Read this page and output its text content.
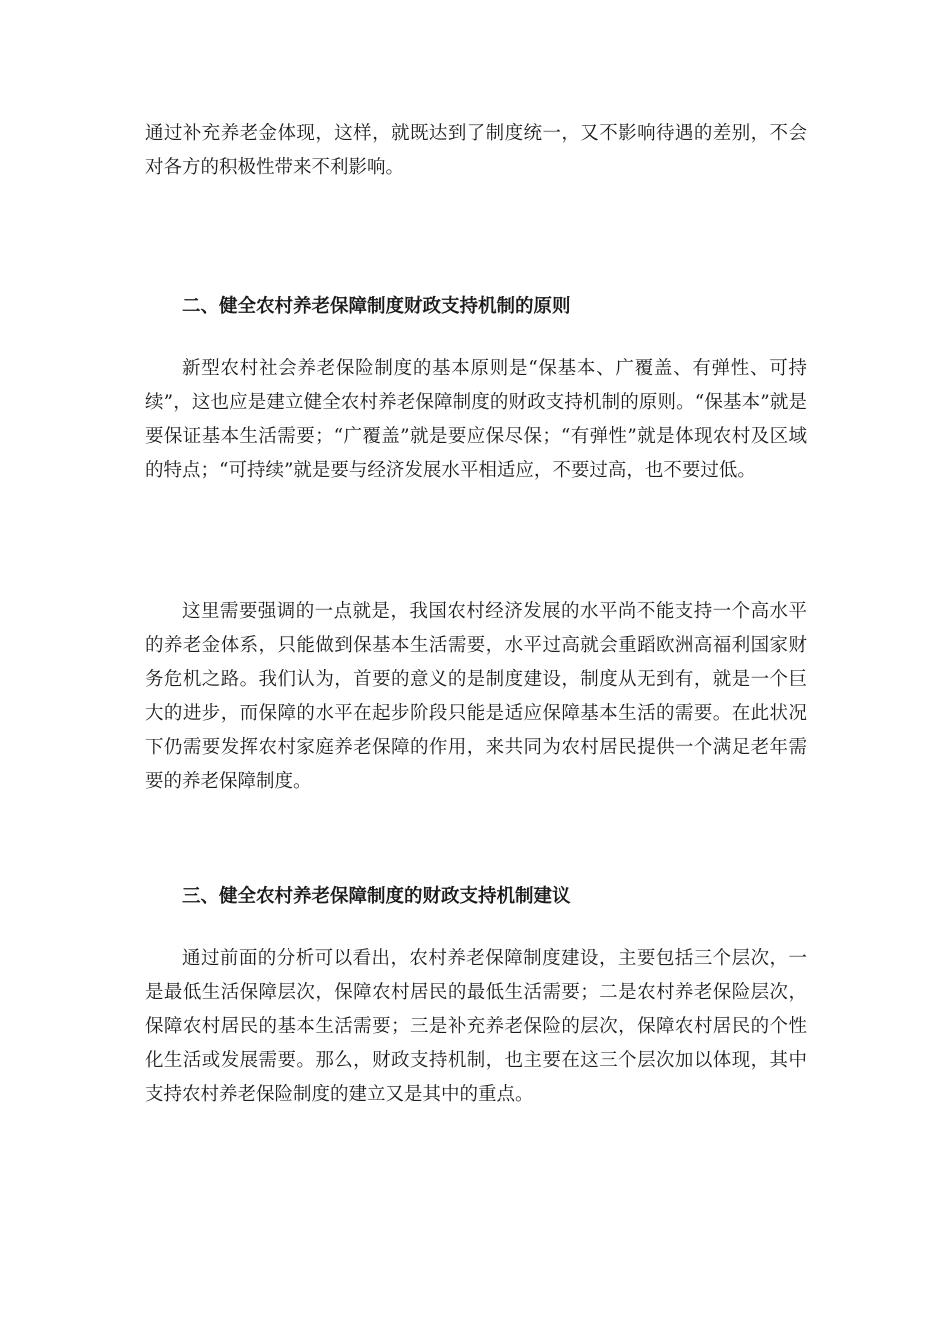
通过补充养老金体现，这样，就既达到了制度统一，又不影响待遇的差别，不会对各方的积极性带来不利影响。

二、健全农村养老保障制度财政支持机制的原则

新型农村社会养老保险制度的基本原则是“保基本、广覆盖、有弹性、可持续”，这也应是建立健全农村养老保障制度的财政支持机制的原则。“保基本”就是要保证基本生活需要；“广覆盖”就是要应保尽保；“有弹性”就是体现农村及区域的特点；“可持续”就是要与经济发展水平相适应，不要过高，也不要过低。

这里需要强调的一点就是，我国农村经济发展的水平尚不能支持一个高水平的养老金体系，只能做到保基本生活需要，水平过高就会重蹈欧洲高福利国家财务危机之路。我们认为，首要的意义的是制度建设，制度从无到有，就是一个巨大的进步，而保障的水平在起步阶段只能是适应保障基本生活的需要。在此状况下仍需要发挥农村家庭养老保障的作用，来共同为农村居民提供一个满足老年需要的养老保障制度。

三、健全农村养老保障制度的财政支持机制建议

通过前面的分析可以看出，农村养老保障制度建设，主要包括三个层次，一是最低生活保障层次，保障农村居民的最低生活需要；二是农村养老保险层次，保障农村居民的基本生活需要；三是补充养老保险的层次，保障农村居民的个性化生活或发展需要。那么，财政支持机制，也主要在这三个层次加以体现，其中支持农村养老保险制度的建立又是其中的重点。
